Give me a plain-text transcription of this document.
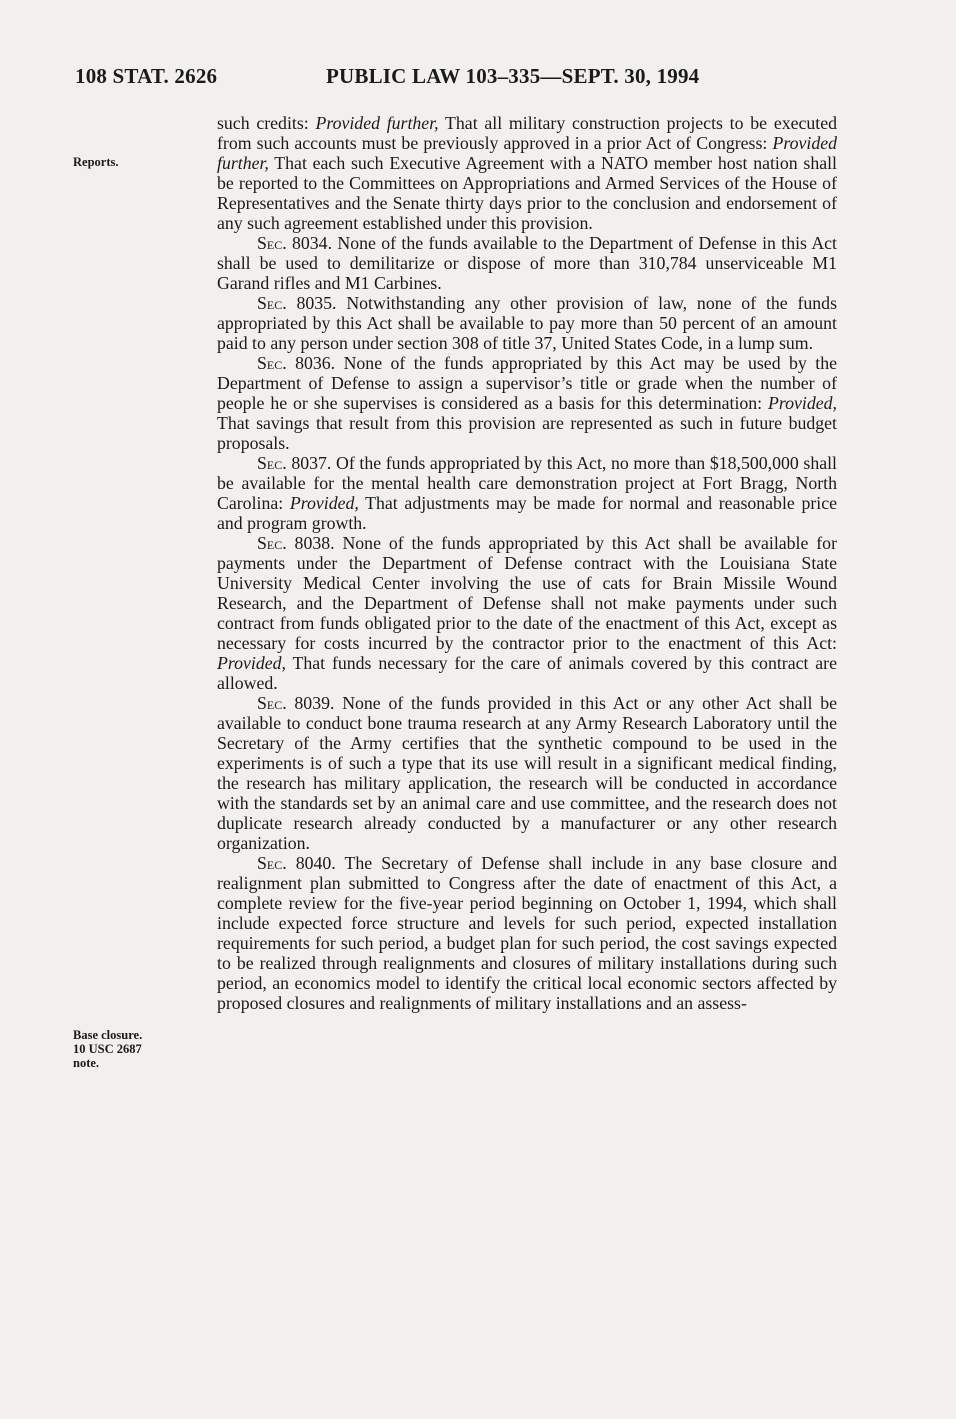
108 STAT. 2626	PUBLIC LAW 103–335—SEPT. 30, 1994
Reports.
Base closure.
10 USC 2687
note.

such credits: Provided further, That all military construction projects to be executed from such accounts must be previously approved in a prior Act of Congress: Provided further, That each such Executive Agreement with a NATO member host nation shall be reported to the Committees on Appropriations and Armed Services of the House of Representatives and the Senate thirty days prior to the conclusion and endorsement of any such agreement established under this provision.

Sec. 8034. None of the funds available to the Department of Defense in this Act shall be used to demilitarize or dispose of more than 310,784 unserviceable M1 Garand rifles and M1 Carbines.

Sec. 8035. Notwithstanding any other provision of law, none of the funds appropriated by this Act shall be available to pay more than 50 percent of an amount paid to any person under section 308 of title 37, United States Code, in a lump sum.

Sec. 8036. None of the funds appropriated by this Act may be used by the Department of Defense to assign a supervisor’s title or grade when the number of people he or she supervises is considered as a basis for this determination: Provided, That savings that result from this provision are represented as such in future budget proposals.

Sec. 8037. Of the funds appropriated by this Act, no more than $18,500,000 shall be available for the mental health care demonstration project at Fort Bragg, North Carolina: Provided, That adjustments may be made for normal and reasonable price and program growth.

Sec. 8038. None of the funds appropriated by this Act shall be available for payments under the Department of Defense contract with the Louisiana State University Medical Center involving the use of cats for Brain Missile Wound Research, and the Department of Defense shall not make payments under such contract from funds obligated prior to the date of the enactment of this Act, except as necessary for costs incurred by the contractor prior to the enactment of this Act: Provided, That funds necessary for the care of animals covered by this contract are allowed.

Sec. 8039. None of the funds provided in this Act or any other Act shall be available to conduct bone trauma research at any Army Research Laboratory until the Secretary of the Army certifies that the synthetic compound to be used in the experiments is of such a type that its use will result in a significant medical finding, the research has military application, the research will be conducted in accordance with the standards set by an animal care and use committee, and the research does not duplicate research already conducted by a manufacturer or any other research organization.

Sec. 8040. The Secretary of Defense shall include in any base closure and realignment plan submitted to Congress after the date of enactment of this Act, a complete review for the five-year period beginning on October 1, 1994, which shall include expected force structure and levels for such period, expected installation requirements for such period, a budget plan for such period, the cost savings expected to be realized through realignments and closures of military installations during such period, an economics model to identify the critical local economic sectors affected by proposed closures and realignments of military installations and an assess-
